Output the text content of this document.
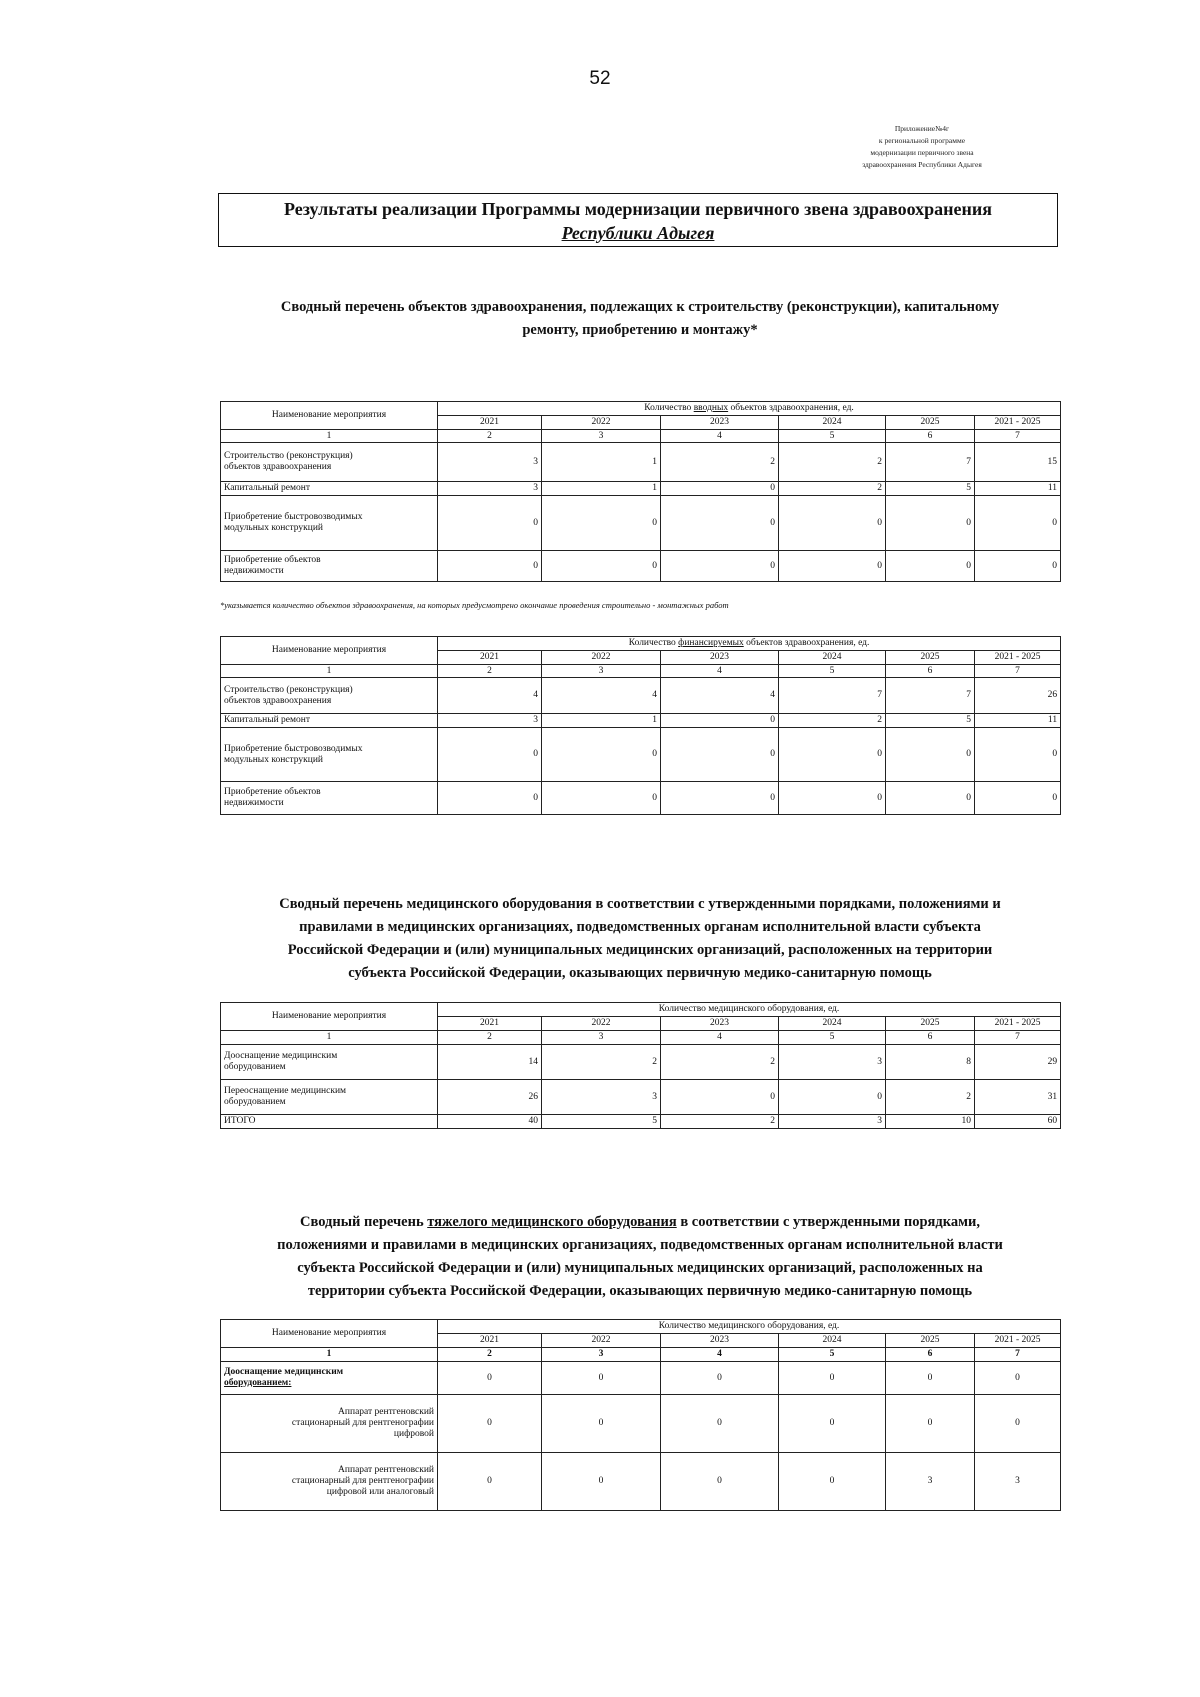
52
Приложение№4г
к региональной программе
модернизации первичного звена
здравоохранения Республики Адыгея
Результаты реализации Программы модернизации первичного звена здравоохранения
Республики Адыгея
Сводный перечень объектов здравоохранения, подлежащих к строительству (реконструкции), капитальному
ремонту, приобретению и монтажу*
Наименование мероприятия	Количество вводных объектов здравоохранения, ед.					
	2021	2022	2023	2024	2025	2021 - 2025
1	2	3	4	5	6	7

Строительство (реконструкция)
объектов здравоохранения	3	1	2	2	7	15
Капитальный ремонт	3	1	0	2	5	11

Приобретение быстровозводимых
модульных конструкций	0	0	0	0	0	0

Приобретение объектов
недвижимости	0	0	0	0	0	0
*указывается количество объектов здравоохранения, на которых предусмотрено окончание проведения строительно - монтажных работ
Наименование мероприятия	Количество финансируемых объектов здравоохранения, ед.					
	2021	2022	2023	2024	2025	2021 - 2025
1	2	3	4	5	6	7

Строительство (реконструкция)
объектов здравоохранения	4	4	4	7	7	26
Капитальный ремонт	3	1	0	2	5	11

Приобретение быстровозводимых
модульных конструкций	0	0	0	0	0	0

Приобретение объектов
недвижимости	0	0	0	0	0	0
Сводный перечень медицинского оборудования в соответствии с утвержденными порядками, положениями и
правилами в медицинских организациях, подведомственных органам исполнительной власти субъекта
Российской Федерации и (или) муниципальных медицинских организаций, расположенных на территории
субъекта Российской Федерации, оказывающих первичную медико-санитарную помощь
Наименование мероприятия	Количество медицинского оборудования, ед.					
	2021	2022	2023	2024	2025	2021 - 2025
1	2	3	4	5	6	7

Дооснащение медицинским
оборудованием	14	2	2	3	8	29

Переоснащение медицинским
оборудованием	26	3	0	0	2	31
ИТОГО	40	5	2	3	10	60
Сводный перечень тяжелого медицинского оборудования в соответствии с утвержденными порядками,
положениями и правилами в медицинских организациях, подведомственных органам исполнительной власти
субъекта Российской Федерации и (или) муниципальных медицинских организаций, расположенных на
территории субъекта Российской Федерации, оказывающих первичную медико-санитарную помощь
Наименование мероприятия	Количество медицинского оборудования, ед.					
	2021	2022	2023	2024	2025	2021 - 2025
1	2	3	4	5	6	7

Дооснащение медицинским
оборудованием:	0	0	0	0	0	0

Аппарат рентгеновский
стационарный для рентгенографии
цифровой	0	0	0	0	0	0

Аппарат рентгеновский
стационарный для рентгенографии
цифровой или аналоговый	0	0	0	0	3	3
